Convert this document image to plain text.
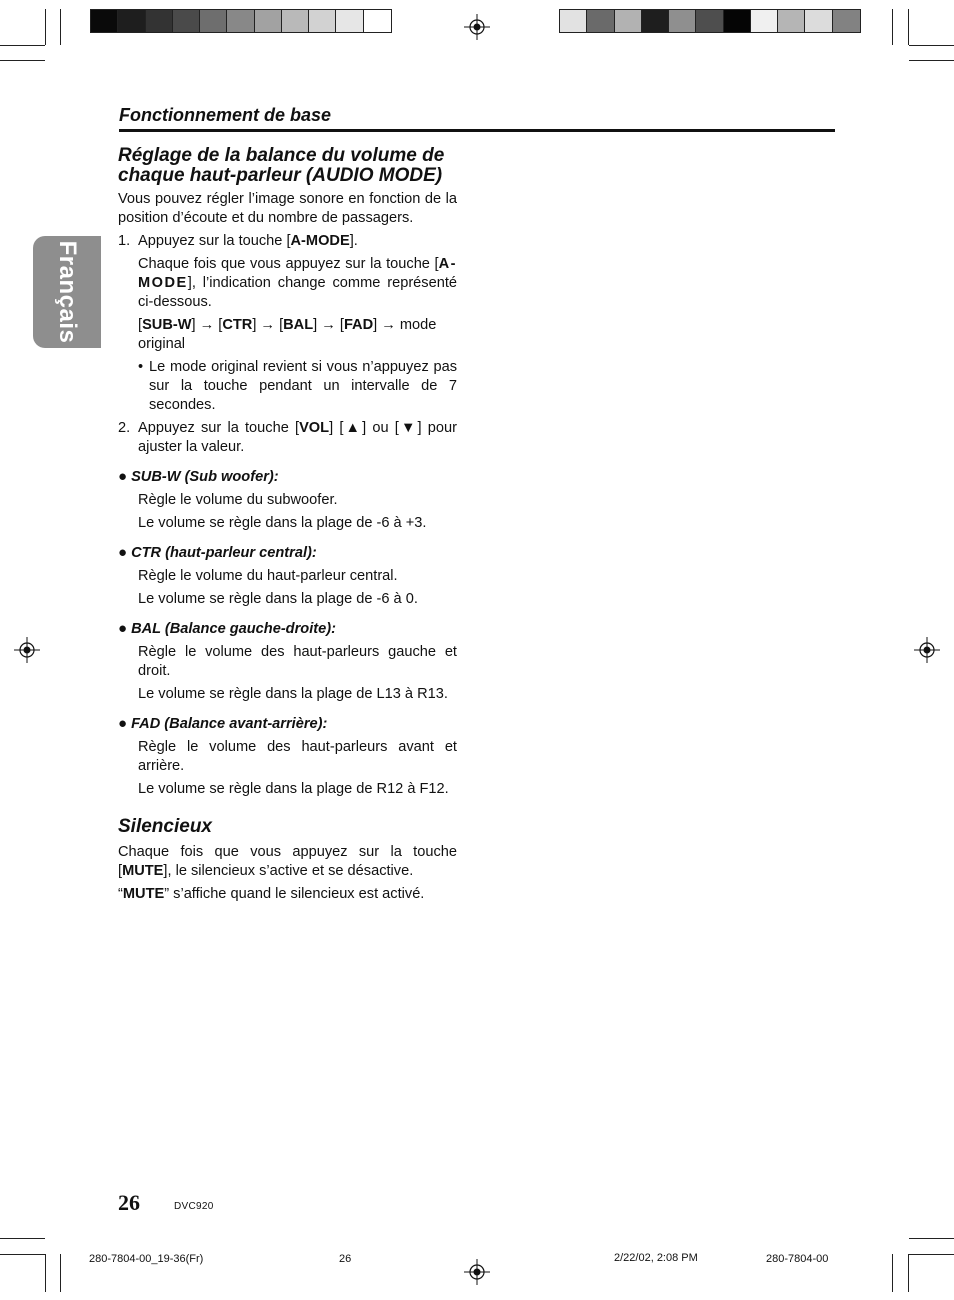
Fonctionnement de base
Français
Réglage de la balance du volume de chaque haut-parleur (AUDIO MODE)

Vous pouvez régler l’image sonore en fonction de la position d’écoute et du nombre de passagers.

1. Appuyez sur la touche [A-MODE].

Chaque fois que vous appuyez sur la touche [A-MODE], l’indication change comme représenté ci-dessous.

[SUB-W] → [CTR] → [BAL] → [FAD] → mode original

• Le mode original revient si vous n’appuyez pas sur la touche pendant un intervalle de 7 secondes.
2. Appuyez sur la touche [VOL] [▲] ou [▼] pour ajuster la valeur.
● SUB-W (Sub woofer):

Règle le volume du subwoofer.

Le volume se règle dans la plage de -6 à +3.

● CTR (haut-parleur central):

Règle le volume du haut-parleur central.

Le volume se règle dans la plage de -6 à 0.

● BAL (Balance gauche-droite):

Règle le volume des haut-parleurs gauche et droit.

Le volume se règle dans la plage de L13 à R13.

● FAD (Balance avant-arrière):

Règle le volume des haut-parleurs avant et arrière.

Le volume se règle dans la plage de R12 à F12.

Silencieux

Chaque fois que vous appuyez sur la touche [MUTE], le silencieux s’active et se désactive.

“MUTE” s’affiche quand le silencieux est activé.

26	DVC920
280-7804-00_19-36(Fr)	26	2/22/02, 2:08 PM	280-7804-00
